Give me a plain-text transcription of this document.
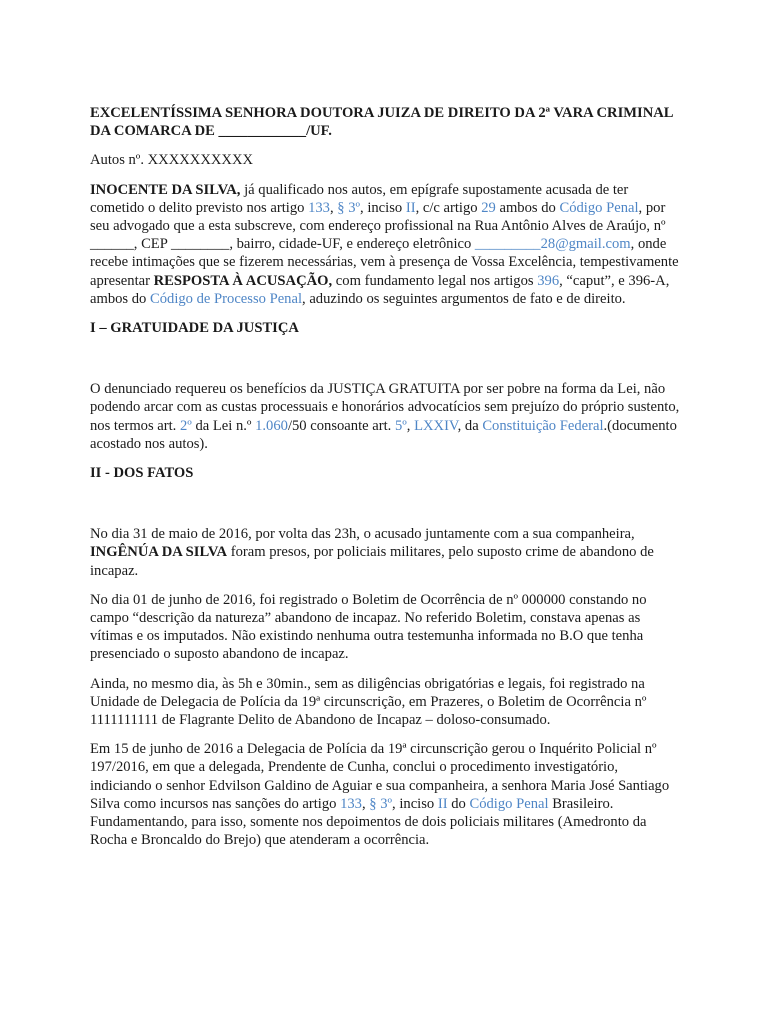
EXCELENTÍSSIMA SENHORA DOUTORA JUIZA DE DIREITO DA 2ª VARA CRIMINAL DA COMARCA DE ____________/UF.

Autos nº. XXXXXXXXXX

INOCENTE DA SILVA, já qualificado nos autos, em epígrafe supostamente acusada de ter cometido o delito previsto nos artigo 133, § 3º, inciso II, c/c artigo 29 ambos do Código Penal, por seu advogado que a esta subscreve, com endereço profissional na Rua Antônio Alves de Araújo, nº ______, CEP ________, bairro, cidade-UF, e endereço eletrônico _________28@gmail.com, onde recebe intimações que se fizerem necessárias, vem à presença de Vossa Excelência, tempestivamente apresentar RESPOSTA À ACUSAÇÃO, com fundamento legal nos artigos 396, “caput”, e 396-A, ambos do Código de Processo Penal, aduzindo os seguintes argumentos de fato e de direito.

I – GRATUIDADE DA JUSTIÇA

O denunciado requereu os benefícios da JUSTIÇA GRATUITA por ser pobre na forma da Lei, não podendo arcar com as custas processuais e honorários advocatícios sem prejuízo do próprio sustento, nos termos art. 2º da Lei n.º 1.060/50 consoante art. 5º, LXXIV, da Constituição Federal.(documento acostado nos autos).

II - DOS FATOS

No dia 31 de maio de 2016, por volta das 23h, o acusado juntamente com a sua companheira, INGÊNÚA DA SILVA foram presos, por policiais militares, pelo suposto crime de abandono de incapaz.

No dia 01 de junho de 2016, foi registrado o Boletim de Ocorrência de nº 000000 constando no campo “descrição da natureza” abandono de incapaz. No referido Boletim, constava apenas as vítimas e os imputados. Não existindo nenhuma outra testemunha informada no B.O que tenha presenciado o suposto abandono de incapaz.

Ainda, no mesmo dia, às 5h e 30min., sem as diligências obrigatórias e legais, foi registrado na Unidade de Delegacia de Polícia da 19ª circunscrição, em Prazeres, o Boletim de Ocorrência nº 1111111111 de Flagrante Delito de Abandono de Incapaz – doloso-consumado.

Em 15 de junho de 2016 a Delegacia de Polícia da 19ª circunscrição gerou o Inquérito Policial nº 197/2016, em que a delegada, Prendente de Cunha, conclui o procedimento investigatório, indiciando o senhor Edvilson Galdino de Aguiar e sua companheira, a senhora Maria José Santiago Silva como incursos nas sanções do artigo 133, § 3º, inciso II do Código Penal Brasileiro. Fundamentando, para isso, somente nos depoimentos de dois policiais militares (Amedronto da Rocha e Broncaldo do Brejo) que atenderam a ocorrência.
